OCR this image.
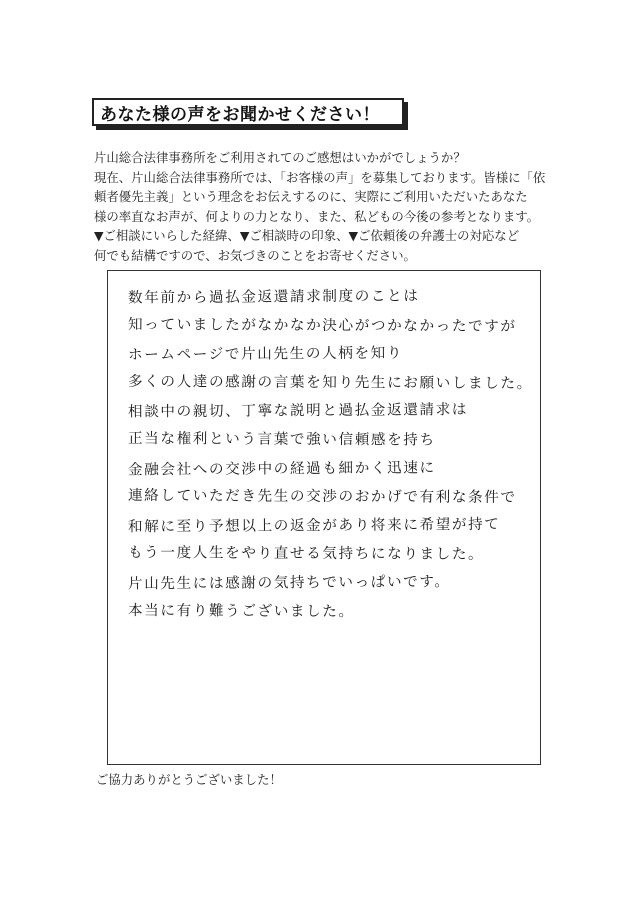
あなた様の声をお聞かせください！
片山総合法律事務所をご利用されてのご感想はいかがでしょうか？
現在、片山総合法律事務所では、「お客様の声」を募集しております。皆様に「依
頼者優先主義」という理念をお伝えするのに、実際にご利用いただいたあなた
様の率直なお声が、何よりの力となり、また、私どもの今後の参考となります。
▼ご相談にいらした経緯、▼ご相談時の印象、▼ご依頼後の弁護士の対応など
何でも結構ですので、お気づきのことをお寄せください。
数年前から過払金返還請求制度のことは
知っていましたがなかなか決心がつかなかったですが
ホームページで片山先生の人柄を知り
多くの人達の感謝の言葉を知り先生にお願いしました。
相談中の親切、丁寧な説明と過払金返還請求は
正当な権利という言葉で強い信頼感を持ち
金融会社への交渉中の経過も細かく迅速に
連絡していただき先生の交渉のおかげで有利な条件で
和解に至り予想以上の返金があり将来に希望が持て
もう一度人生をやり直せる気持ちになりました。
片山先生には感謝の気持ちでいっぱいです。
本当に有り難うございました。
ご協力ありがとうございました！
